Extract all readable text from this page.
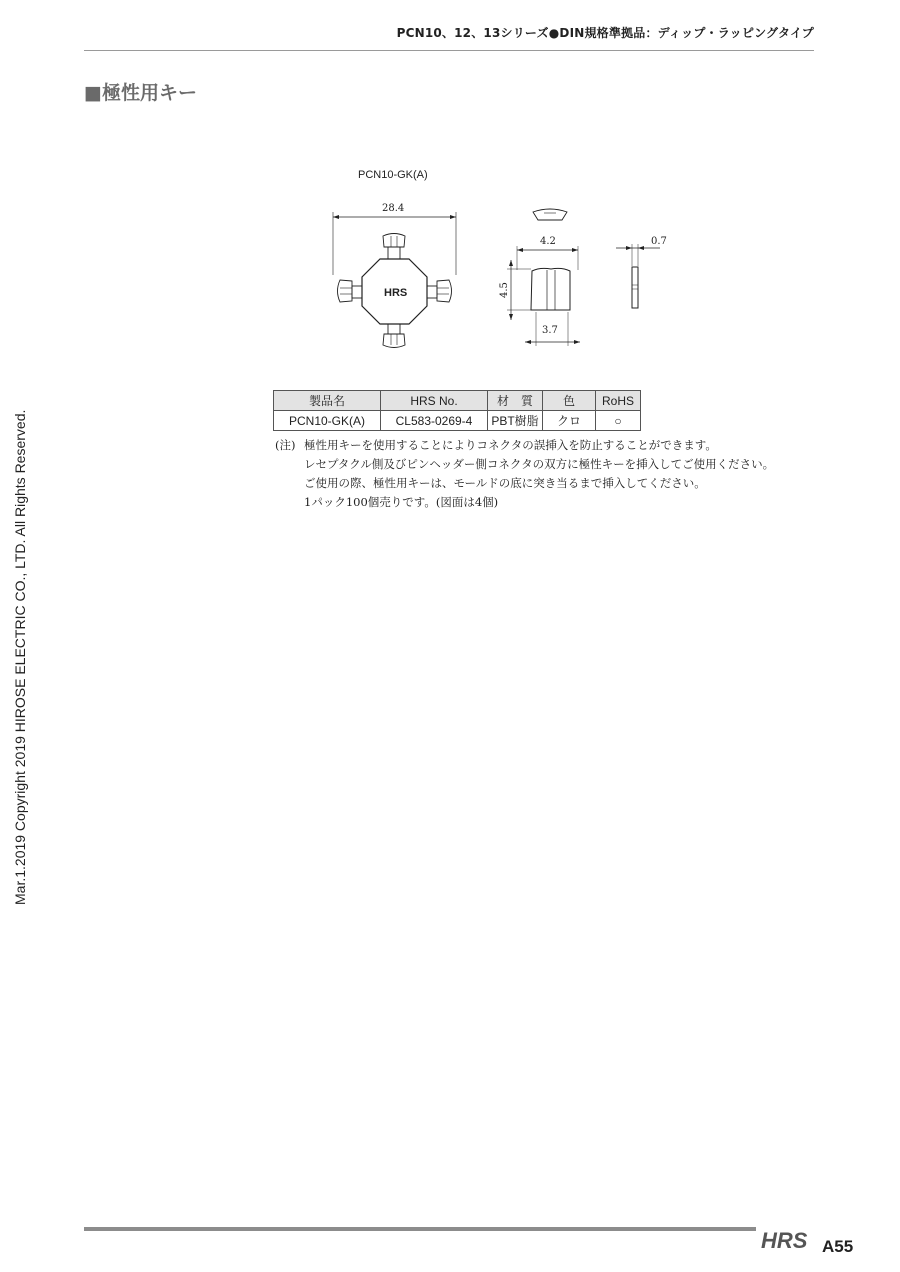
PCN10、12、13シリーズ●DIN規格準拠品：ディップ・ラッピングタイプ
■極性用キー
Mar.1.2019 Copyright 2019 HIROSE ELECTRIC CO., LTD. All Rights Reserved.
PCN10-GK(A)
28.4
HRS
4.2
4.5
3.7
0.7
製品名	HRS No.	材　質	色	RoHS
PCN10-GK(A)	CL583-0269-4	PBT樹脂	クロ	○
(注) 極性用キーを使用することによりコネクタの誤挿入を防止することができます。
レセプタクル側及びピンヘッダー側コネクタの双方に極性キーを挿入してご使用ください。
ご使用の際、極性用キーは、モールドの底に突き当るまで挿入してください。
1パック100個売りです。(図面は4個)
HRS A55
